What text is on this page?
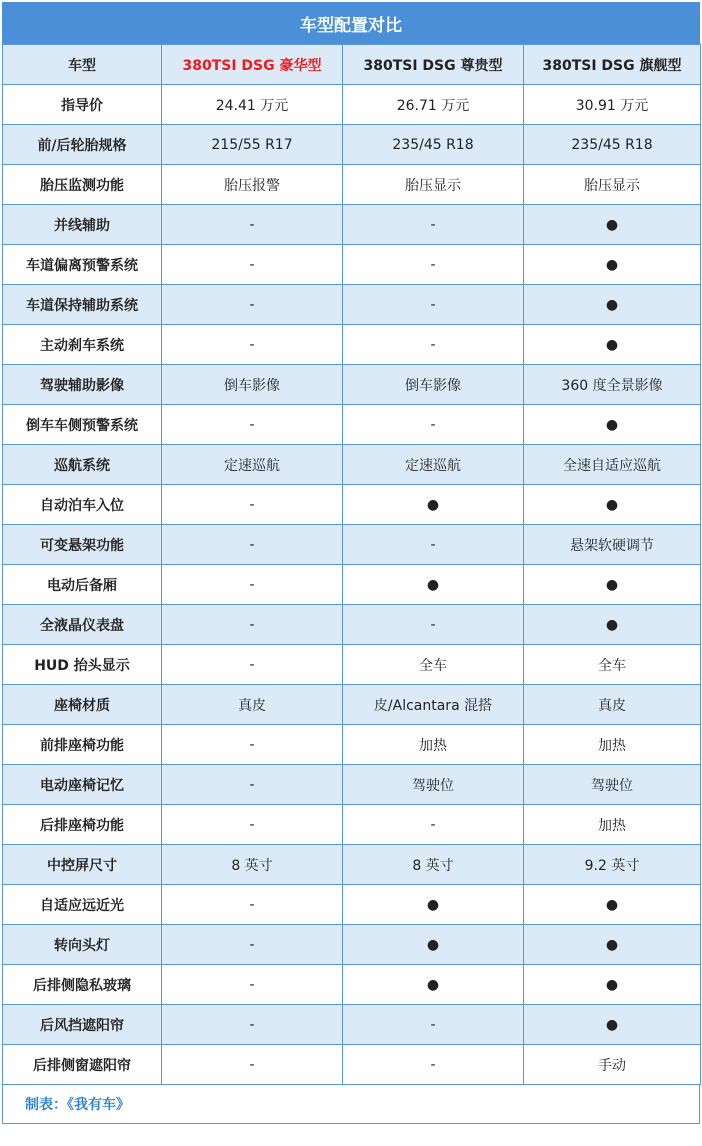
车型配置对比
车型	380TSI DSG 豪华型	380TSI DSG 尊贵型	380TSI DSG 旗舰型
指导价	24.41 万元	26.71 万元	30.91 万元
前/后轮胎规格	215/55 R17	235/45 R18	235/45 R18
胎压监测功能	胎压报警	胎压显示	胎压显示
并线辅助	-	-	●
车道偏离预警系统	-	-	●
车道保持辅助系统	-	-	●
主动刹车系统	-	-	●
驾驶辅助影像	倒车影像	倒车影像	360 度全景影像
倒车车侧预警系统	-	-	●
巡航系统	定速巡航	定速巡航	全速自适应巡航
自动泊车入位	-	●	●
可变悬架功能	-	-	悬架软硬调节
电动后备厢	-	●	●
全液晶仪表盘	-	-	●
HUD 抬头显示	-	全车	全车
座椅材质	真皮	皮/Alcantara 混搭	真皮
前排座椅功能	-	加热	加热
电动座椅记忆	-	驾驶位	驾驶位
后排座椅功能	-	-	加热
中控屏尺寸	8 英寸	8 英寸	9.2 英寸
自适应远近光	-	●	●
转向头灯	-	●	●
后排侧隐私玻璃	-	●	●
后风挡遮阳帘	-	-	●
后排侧窗遮阳帘	-	-	手动
制表：《我有车》
